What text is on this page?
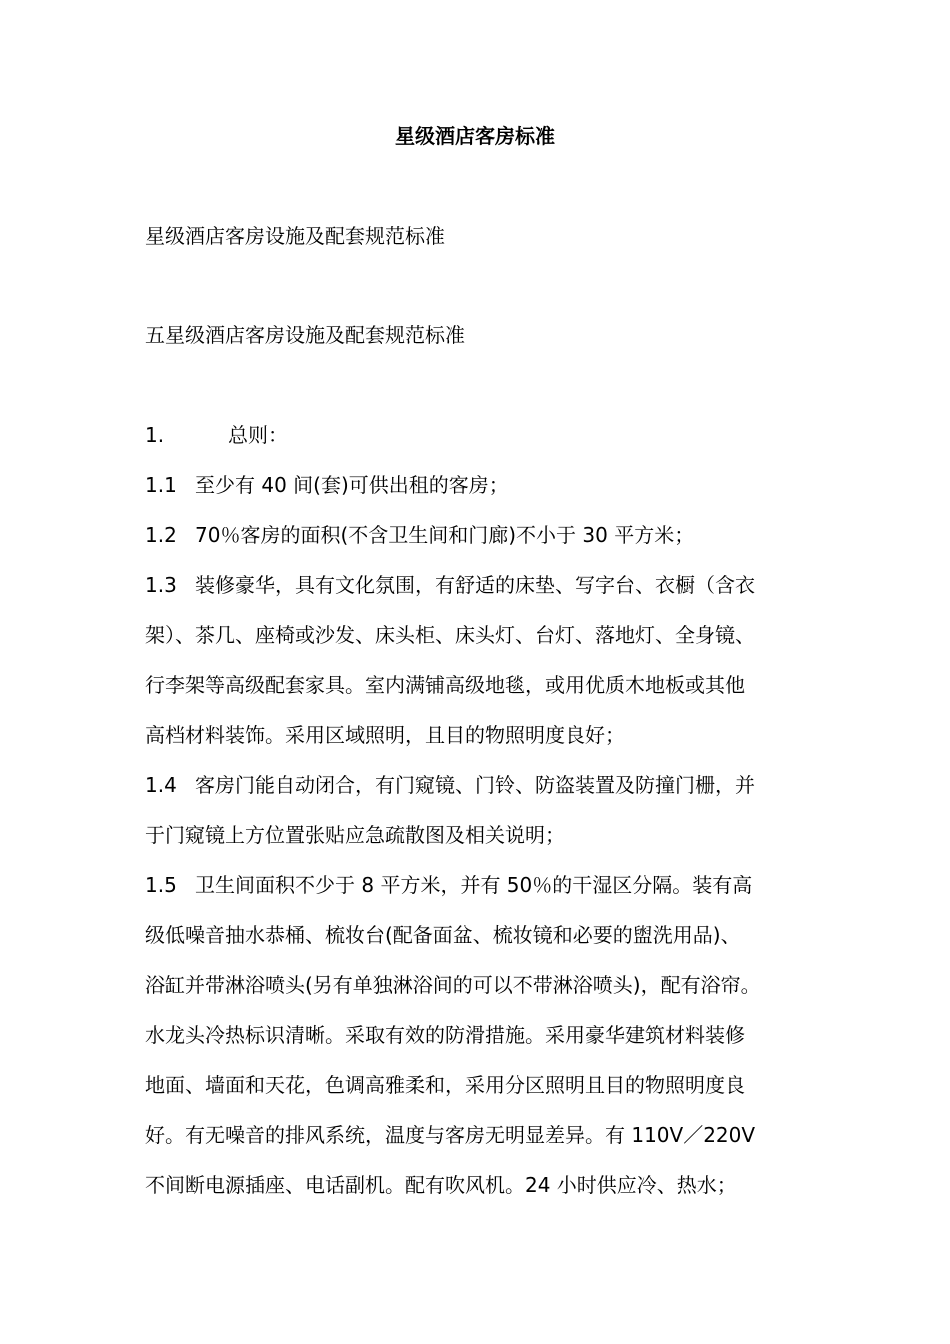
星级酒店客房标准
星级酒店客房设施及配套规范标准
五星级酒店客房设施及配套规范标准
1.	总则：
1.1 至少有 40 间(套)可供出租的客房；
1.2 70％客房的面积(不含卫生间和门廊)不小于 30 平方米；
1.3 装修豪华，具有文化氛围，有舒适的床垫、写字台、衣橱（含衣
架）、茶几、座椅或沙发、床头柜、床头灯、台灯、落地灯、全身镜、
行李架等高级配套家具。室内满铺高级地毯，或用优质木地板或其他
高档材料装饰。采用区域照明，且目的物照明度良好；
1.4 客房门能自动闭合，有门窥镜、门铃、防盗装置及防撞门栅，并
于门窥镜上方位置张贴应急疏散图及相关说明；
1.5 卫生间面积不少于 8 平方米，并有 50％的干湿区分隔。装有高
级低噪音抽水恭桶、梳妆台(配备面盆、梳妆镜和必要的盥洗用品)、
浴缸并带淋浴喷头(另有单独淋浴间的可以不带淋浴喷头)，配有浴帘。
水龙头冷热标识清晰。采取有效的防滑措施。采用豪华建筑材料装修
地面、墙面和天花，色调高雅柔和，采用分区照明且目的物照明度良
好。有无噪音的排风系统，温度与客房无明显差异。有 110V／220V
不间断电源插座、电话副机。配有吹风机。24 小时供应冷、热水；
